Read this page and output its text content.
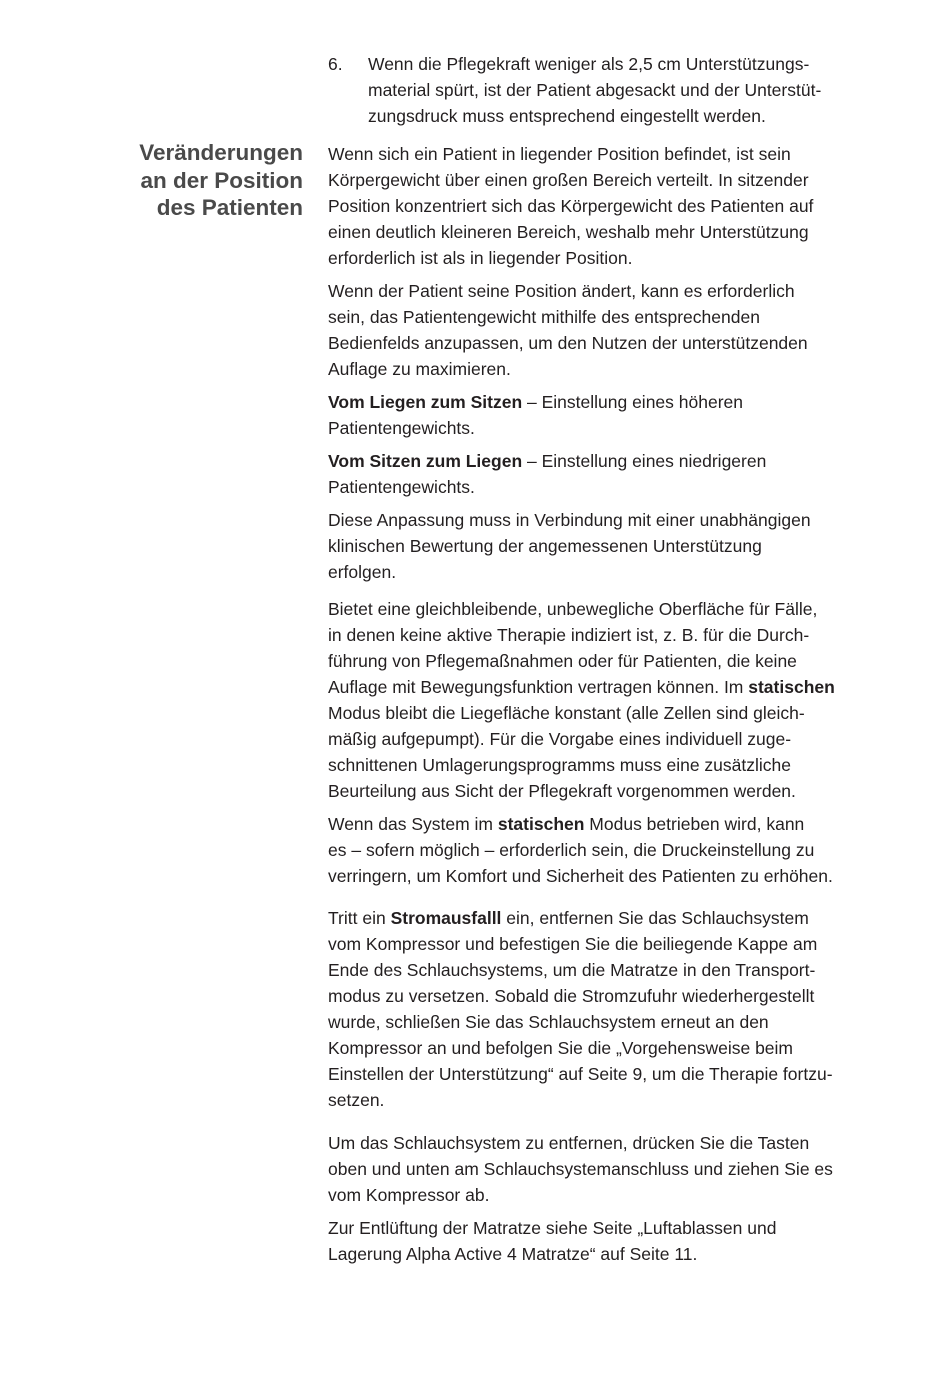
6. Wenn die Pflegekraft weniger als 2,5 cm Unterstützungs-
material spürt, ist der Patient abgesackt und der Unterstüt-
zungsdruck muss entsprechend eingestellt werden.

Veränderungen
an der Position
des Patienten

Wenn sich ein Patient in liegender Position befindet, ist sein
Körpergewicht über einen großen Bereich verteilt. In sitzender
Position konzentriert sich das Körpergewicht des Patienten auf
einen deutlich kleineren Bereich, weshalb mehr Unterstützung
erforderlich ist als in liegender Position.

Wenn der Patient seine Position ändert, kann es erforderlich
sein, das Patientengewicht mithilfe des entsprechenden
Bedienfelds anzupassen, um den Nutzen der unterstützenden
Auflage zu maximieren.

Vom Liegen zum Sitzen – Einstellung eines höheren
Patientengewichts.

Vom Sitzen zum Liegen – Einstellung eines niedrigeren
Patientengewichts.

Diese Anpassung muss in Verbindung mit einer unabhängigen
klinischen Bewertung der angemessenen Unterstützung
erfolgen.

Bietet eine gleichbleibende, unbewegliche Oberfläche für Fälle,
in denen keine aktive Therapie indiziert ist, z. B. für die Durch-
führung von Pflegemaßnahmen oder für Patienten, die keine
Auflage mit Bewegungsfunktion vertragen können. Im statischen
Modus bleibt die Liegefläche konstant (alle Zellen sind gleich-
mäßig aufgepumpt). Für die Vorgabe eines individuell zuge-
schnittenen Umlagerungsprogramms muss eine zusätzliche
Beurteilung aus Sicht der Pflegekraft vorgenommen werden.

Wenn das System im statischen Modus betrieben wird, kann
es – sofern möglich – erforderlich sein, die Druckeinstellung zu
verringern, um Komfort und Sicherheit des Patienten zu erhöhen.

Tritt ein Stromausfalll ein, entfernen Sie das Schlauchsystem
vom Kompressor und befestigen Sie die beiliegende Kappe am
Ende des Schlauchsystems, um die Matratze in den Transport-
modus zu versetzen. Sobald die Stromzufuhr wiederhergestellt
wurde, schließen Sie das Schlauchsystem erneut an den
Kompressor an und befolgen Sie die „Vorgehensweise beim
Einstellen der Unterstützung“ auf Seite 9, um die Therapie fortzu-
setzen.

Um das Schlauchsystem zu entfernen, drücken Sie die Tasten
oben und unten am Schlauchsystemanschluss und ziehen Sie es
vom Kompressor ab.

Zur Entlüftung der Matratze siehe Seite „Luftablassen und
Lagerung Alpha Active 4 Matratze“ auf Seite 11.
